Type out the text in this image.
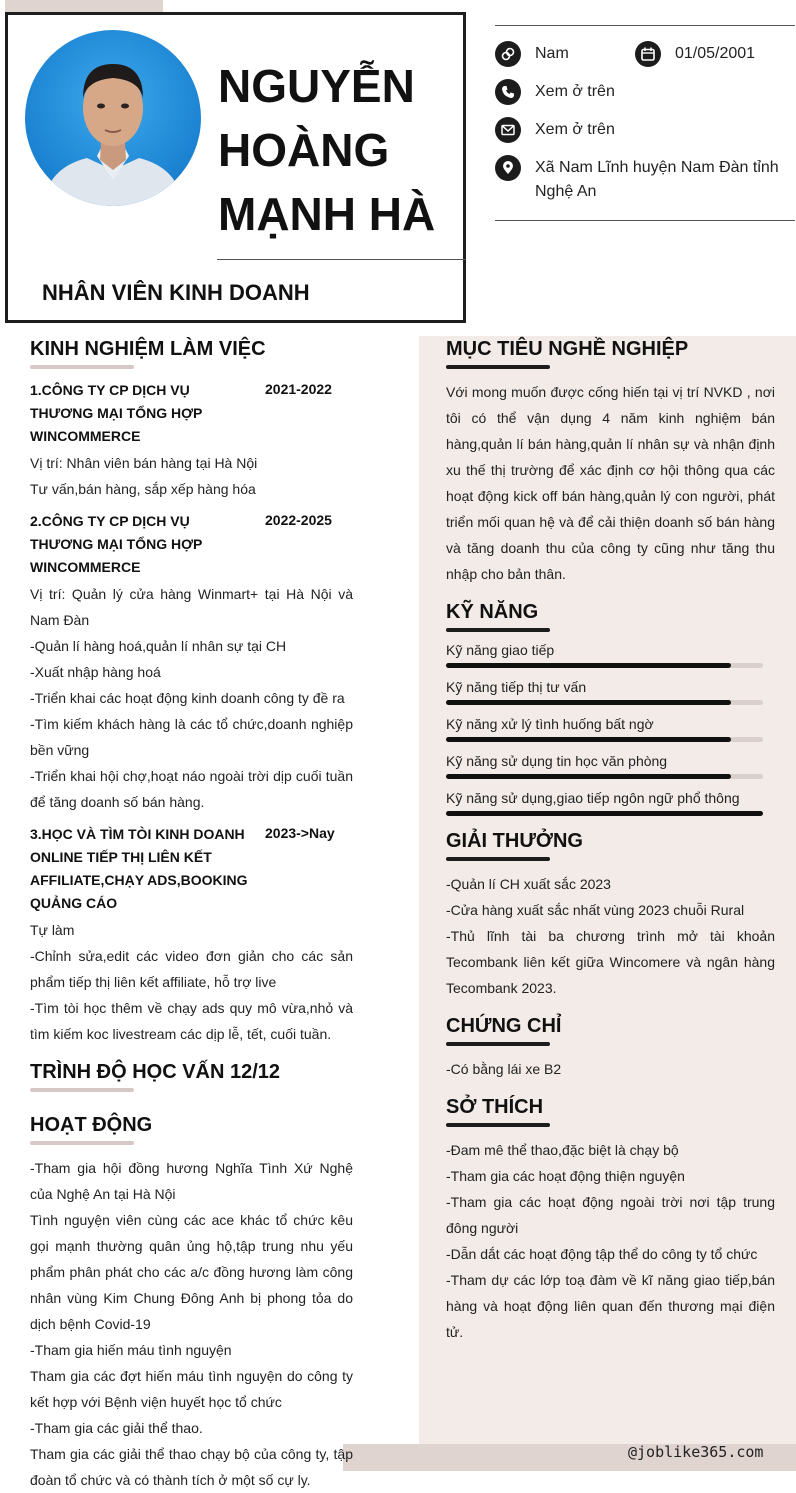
@joblike365.com
NGUYỄN
HOÀNG
MẠNH HÀ
NHÂN VIÊN KINH DOANH
Nam	01/05/2001
Xem ở trên
Xem ở trên
Xã Nam Lĩnh huyện Nam Đàn tỉnh Nghệ An
KINH NGHIỆM LÀM VIỆC
1.CÔNG TY CP DỊCH VỤ THƯƠNG MẠI TỔNG HỢP WINCOMMERCE
2021-2022
Vị trí: Nhân viên bán hàng tại Hà Nội
Tư vấn,bán hàng, sắp xếp hàng hóa
2.CÔNG TY CP DỊCH VỤ THƯƠNG MẠI TỔNG HỢP WINCOMMERCE
2022-2025
Vị trí: Quản lý cửa hàng Winmart+ tại Hà Nội và Nam Đàn
-Quản lí hàng hoá,quản lí nhân sự tại CH
-Xuất nhập hàng hoá
-Triển khai các hoạt động kinh doanh công ty đề ra
-Tìm kiếm khách hàng là các tổ chức,doanh nghiệp bền vững
-Triển khai hội chợ,hoạt náo ngoài trời dịp cuối tuần để tăng doanh số bán hàng.
3.HỌC VÀ TÌM TÒI KINH DOANH ONLINE TIẾP THỊ LIÊN KẾT AFFILIATE,CHẠY ADS,BOOKING QUẢNG CÁO
2023->Nay
Tự làm
-Chỉnh sửa,edit các video đơn giản cho các sản phẩm tiếp thị liên kết affiliate, hỗ trợ live
-Tìm tòi học thêm về chạy ads quy mô vừa,nhỏ và tìm kiếm koc livestream các dịp lễ, tết, cuối tuần.
TRÌNH ĐỘ HỌC VẤN 12/12
HOẠT ĐỘNG
-Tham gia hội đồng hương Nghĩa Tình Xứ Nghệ của Nghệ An tại Hà Nội
Tình nguyện viên cùng các ace khác tổ chức kêu gọi mạnh thường quân ủng hộ,tập trung nhu yếu phẩm phân phát cho các a/c đồng hương làm công nhân vùng Kim Chung Đông Anh bị phong tỏa do dịch bệnh Covid-19
-Tham gia hiến máu tình nguyện
Tham gia các đợt hiến máu tình nguyện do công ty kết hợp với Bệnh viện huyết học tổ chức
-Tham gia các giải thể thao.
Tham gia các giải thể thao chạy bộ của công ty, tập đoàn tổ chức và có thành tích ở một số cự ly.
MỤC TIÊU NGHỀ NGHIỆP
Với mong muốn được cống hiến tại vị trí NVKD , nơi tôi có thể vận dụng 4 năm kinh nghiệm bán hàng,quản lí bán hàng,quản lí nhân sự và nhận định xu thế thị trường để xác định cơ hội thông qua các hoạt động kick off bán hàng,quản lý con người, phát triển mối quan hệ và để cải thiện doanh số bán hàng và tăng doanh thu của công ty cũng như tăng thu nhập cho bản thân.
KỸ NĂNG
Kỹ năng giao tiếp
Kỹ năng tiếp thị tư vấn
Kỹ năng xử lý tình huống bất ngờ
Kỹ năng sử dụng tin học văn phòng
Kỹ năng sử dụng,giao tiếp ngôn ngữ phổ thông
GIẢI THƯỞNG
-Quản lí CH xuất sắc 2023
-Cửa hàng xuất sắc nhất vùng 2023 chuỗi Rural
-Thủ lĩnh tài ba chương trình mở tài khoản Tecombank liên kết giữa Wincomere và ngân hàng Tecombank 2023.
CHỨNG CHỈ
-Có bằng lái xe B2
SỞ THÍCH
-Đam mê thể thao,đặc biệt là chạy bộ
-Tham gia các hoạt động thiện nguyện
-Tham gia các hoạt động ngoài trời nơi tập trung đông người
-Dẫn dắt các hoạt động tập thể do công ty tổ chức
-Tham dự các lớp toạ đàm về kĩ năng giao tiếp,bán hàng và hoạt động liên quan đến thương mại điện tử.
